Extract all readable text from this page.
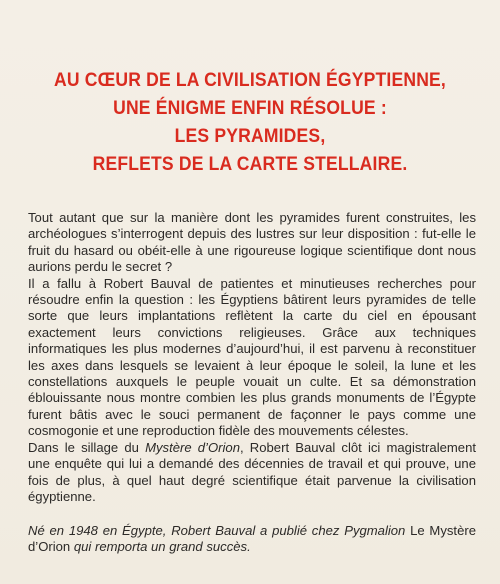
AU CŒUR DE LA CIVILISATION ÉGYPTIENNE,
UNE ÉNIGME ENFIN RÉSOLUE :
LES PYRAMIDES,
REFLETS DE LA CARTE STELLAIRE.

Tout autant que sur la manière dont les pyramides furent construites, les archéologues s’interrogent depuis des lustres sur leur disposition : fut-elle le fruit du hasard ou obéit-elle à une rigoureuse logique scientifique dont nous aurions perdu le secret ?

Il a fallu à Robert Bauval de patientes et minutieuses recherches pour résoudre enfin la question : les Égyptiens bâtirent leurs pyramides de telle sorte que leurs implantations reflètent la carte du ciel en épousant exactement leurs convictions religieuses. Grâce aux techniques informatiques les plus modernes d’aujourd’hui, il est parvenu à reconstituer les axes dans lesquels se levaient à leur époque le soleil, la lune et les constellations auxquels le peuple vouait un culte. Et sa démonstration éblouissante nous montre combien les plus grands monuments de l’Égypte furent bâtis avec le souci permanent de façonner le pays comme une cosmogonie et une reproduction fidèle des mouvements célestes.

Dans le sillage du Mystère d’Orion, Robert Bauval clôt ici magistralement une enquête qui lui a demandé des décennies de travail et qui prouve, une fois de plus, à quel haut degré scientifique était parvenue la civilisation égyptienne.

Né en 1948 en Égypte, Robert Bauval a publié chez Pygmalion Le Mystère d’Orion qui remporta un grand succès.
